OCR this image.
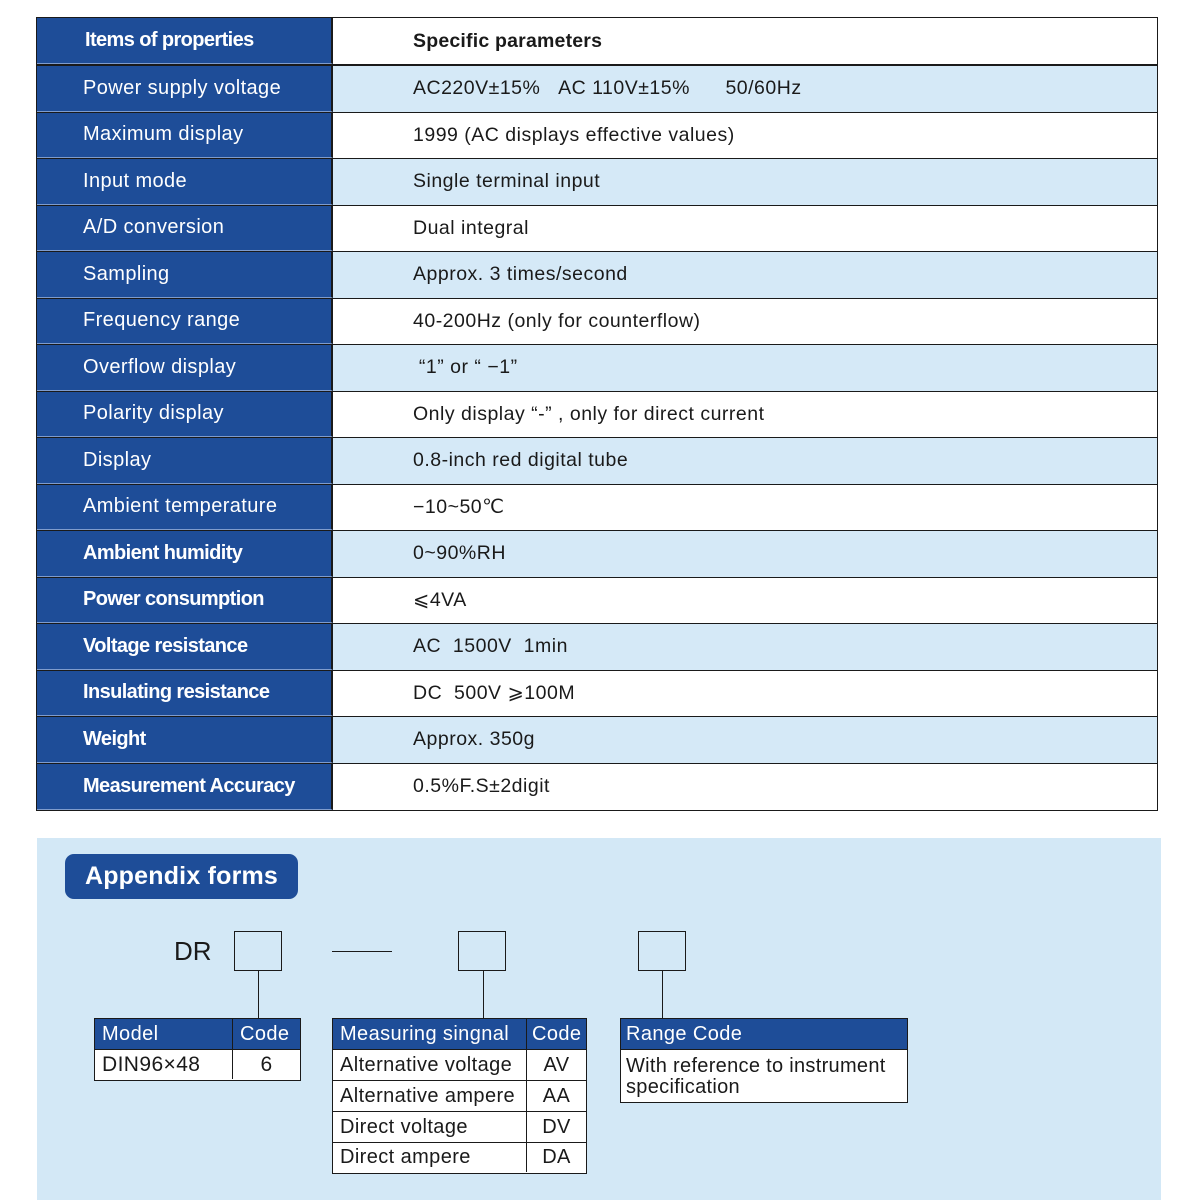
Items of properties	Specific parameters
Power supply voltage	AC220V±15%   AC 110V±15%      50/60Hz
Maximum display	1999 (AC displays effective values)
Input mode	Single terminal input
A/D conversion	Dual integral
Sampling	Approx. 3 times/second
Frequency range	40-200Hz (only for counterflow)
Overflow display	“1” or “ −1”
Polarity display	Only display “-” , only for direct current
Display	0.8-inch red digital tube
Ambient temperature	−10~50℃
Ambient humidity	0~90%RH
Power consumption	⩽4VA
Voltage resistance	AC  1500V  1min
Insulating resistance	DC  500V ⩾100M
Weight	Approx. 350g
Measurement Accuracy	0.5%F.S±2digit
Appendix forms
DR
Model	Code
DIN96×48	6
Measuring singnal	Code
Alternative voltage	AV
Alternative ampere	AA
Direct voltage	DV
Direct ampere	DA
Range Code
With reference to instrument
specification
